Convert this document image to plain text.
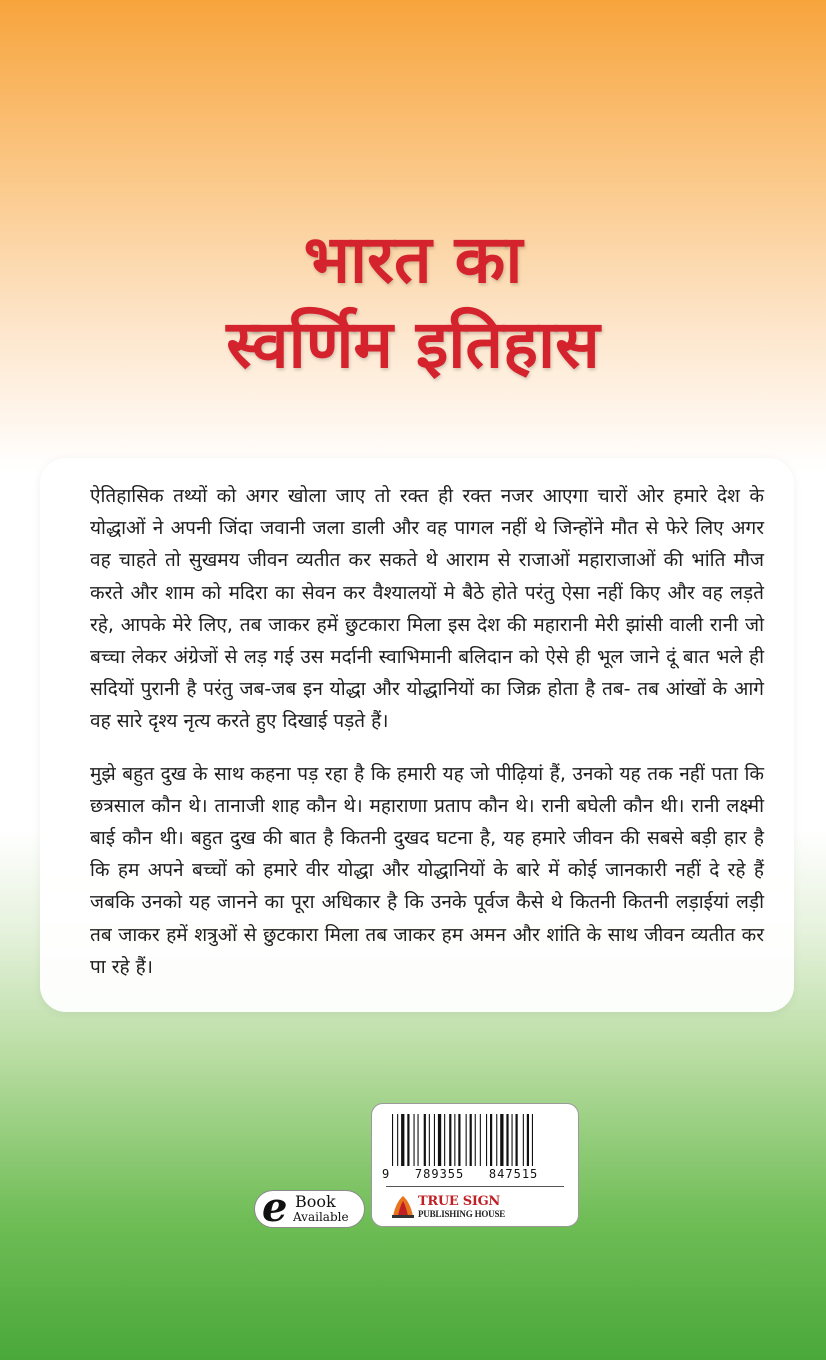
भारत का
स्वर्णिम इतिहास

ऐतिहासिक तथ्यों को अगर खोला जाए तो रक्त ही रक्त नजर आएगा चारों ओर हमारे देश के योद्धाओं ने अपनी जिंदा जवानी जला डाली और वह पागल नहीं थे जिन्होंने मौत से फेरे लिए अगर वह चाहते तो सुखमय जीवन व्यतीत कर सकते थे आराम से राजाओं महाराजाओं की भांति मौज करते और शाम को मदिरा का सेवन कर वैश्यालयों मे बैठे होते परंतु ऐसा नहीं किए और वह लड़ते रहे, आपके मेरे लिए, तब जाकर हमें छुटकारा मिला इस देश की महारानी मेरी झांसी वाली रानी जो बच्चा लेकर अंग्रेजों से लड़ गई उस मर्दानी स्वाभिमानी बलिदान को ऐसे ही भूल जाने दूं बात भले ही सदियों पुरानी है परंतु जब-जब इन योद्धा और योद्धानियों का जिक्र होता है तब- तब आंखों के आगे वह सारे दृश्य नृत्य करते हुए दिखाई पड़ते हैं।

मुझे बहुत दुख के साथ कहना पड़ रहा है कि हमारी यह जो पीढ़ियां हैं, उनको यह तक नहीं पता कि छत्रसाल कौन थे। तानाजी शाह कौन थे। महाराणा प्रताप कौन थे। रानी बघेली कौन थी। रानी लक्ष्मी बाई कौन थी। बहुत दुख की बात है कितनी दुखद घटना है, यह हमारे जीवन की सबसे बड़ी हार है कि हम अपने बच्चों को हमारे वीर योद्धा और योद्धानियों के बारे में कोई जानकारी नहीं दे रहे हैं जबकि उनको यह जानने का पूरा अधिकार है कि उनके पूर्वज कैसे थे कितनी कितनी लड़ाईयां लड़ी तब जाकर हमें शत्रुओं से छुटकारा मिला तब जाकर हम अमन और शांति के साथ जीवन व्यतीत कर पा रहे हैं।

9   789355   847515
TRUE SIGN
PUBLISHING HOUSE
e Book
Available
